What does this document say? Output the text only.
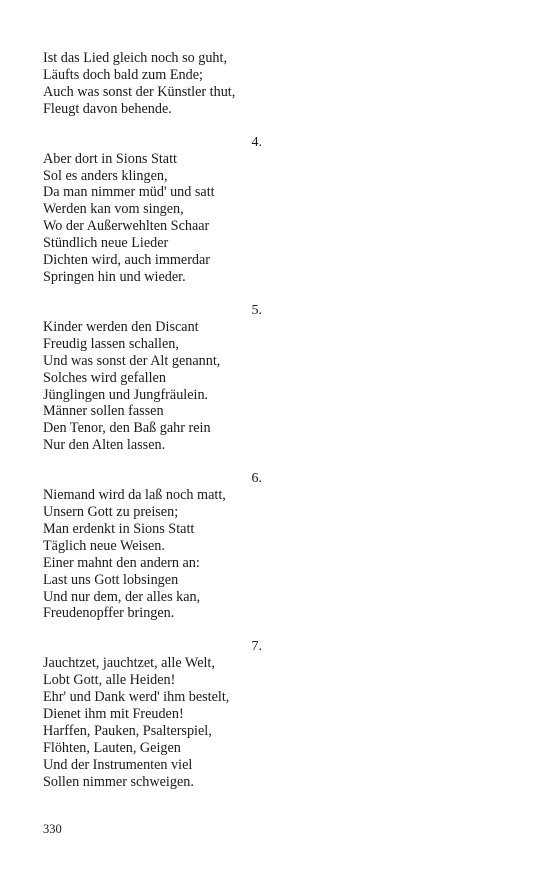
Ist das Lied gleich noch so guht,
Läufts doch bald zum Ende;
Auch was sonst der Künstler thut,
Fleugt davon behende.
4.
Aber dort in Sions Statt
Sol es anders klingen,
Da man nimmer müd' und satt
Werden kan vom singen,
Wo der Außerwehlten Schaar
Stündlich neue Lieder
Dichten wird, auch immerdar
Springen hin und wieder.
5.
Kinder werden den Discant
Freudig lassen schallen,
Und was sonst der Alt genannt,
Solches wird gefallen
Jünglingen und Jungfräulein.
Männer sollen fassen
Den Tenor, den Baß gahr rein
Nur den Alten lassen.
6.
Niemand wird da laß noch matt,
Unsern Gott zu preisen;
Man erdenkt in Sions Statt
Täglich neue Weisen.
Einer mahnt den andern an:
Last uns Gott lobsingen
Und nur dem, der alles kan,
Freudenopffer bringen.
7.
Jauchtzet, jauchtzet, alle Welt,
Lobt Gott, alle Heiden!
Ehr' und Dank werd' ihm bestelt,
Dienet ihm mit Freuden!
Harffen, Pauken, Psalterspiel,
Flöhten, Lauten, Geigen
Und der Instrumenten viel
Sollen nimmer schweigen.
330
